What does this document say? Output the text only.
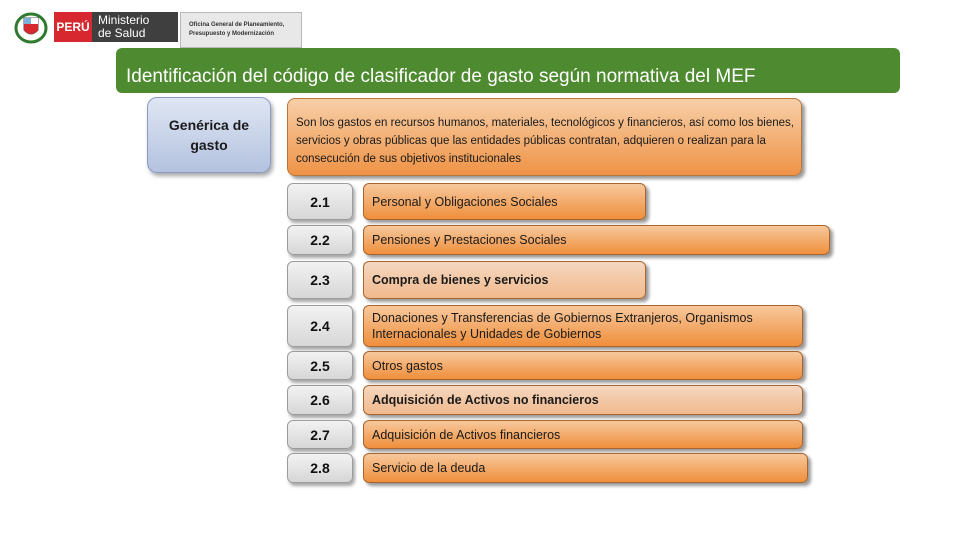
PERÚ Ministerio
de Salud
Oficina General de Planeamiento,
Presupuesto y Modernización
Identificación del código de clasificador de gasto según normativa del MEF
Genérica de
gasto
Son los gastos en recursos humanos, materiales, tecnológicos y financieros, así como los bienes, servicios y obras públicas que las entidades públicas contratan, adquieren o realizan para la consecución de sus objetivos institucionales
2.1	Personal y Obligaciones Sociales
2.2	Pensiones y Prestaciones Sociales
2.3	Compra de bienes y servicios
2.4	Donaciones y Transferencias de Gobiernos Extranjeros, Organismos Internacionales y Unidades de Gobiernos
2.5	Otros gastos
2.6	Adquisición de Activos no financieros
2.7	Adquisición de Activos financieros
2.8	Servicio de la deuda
